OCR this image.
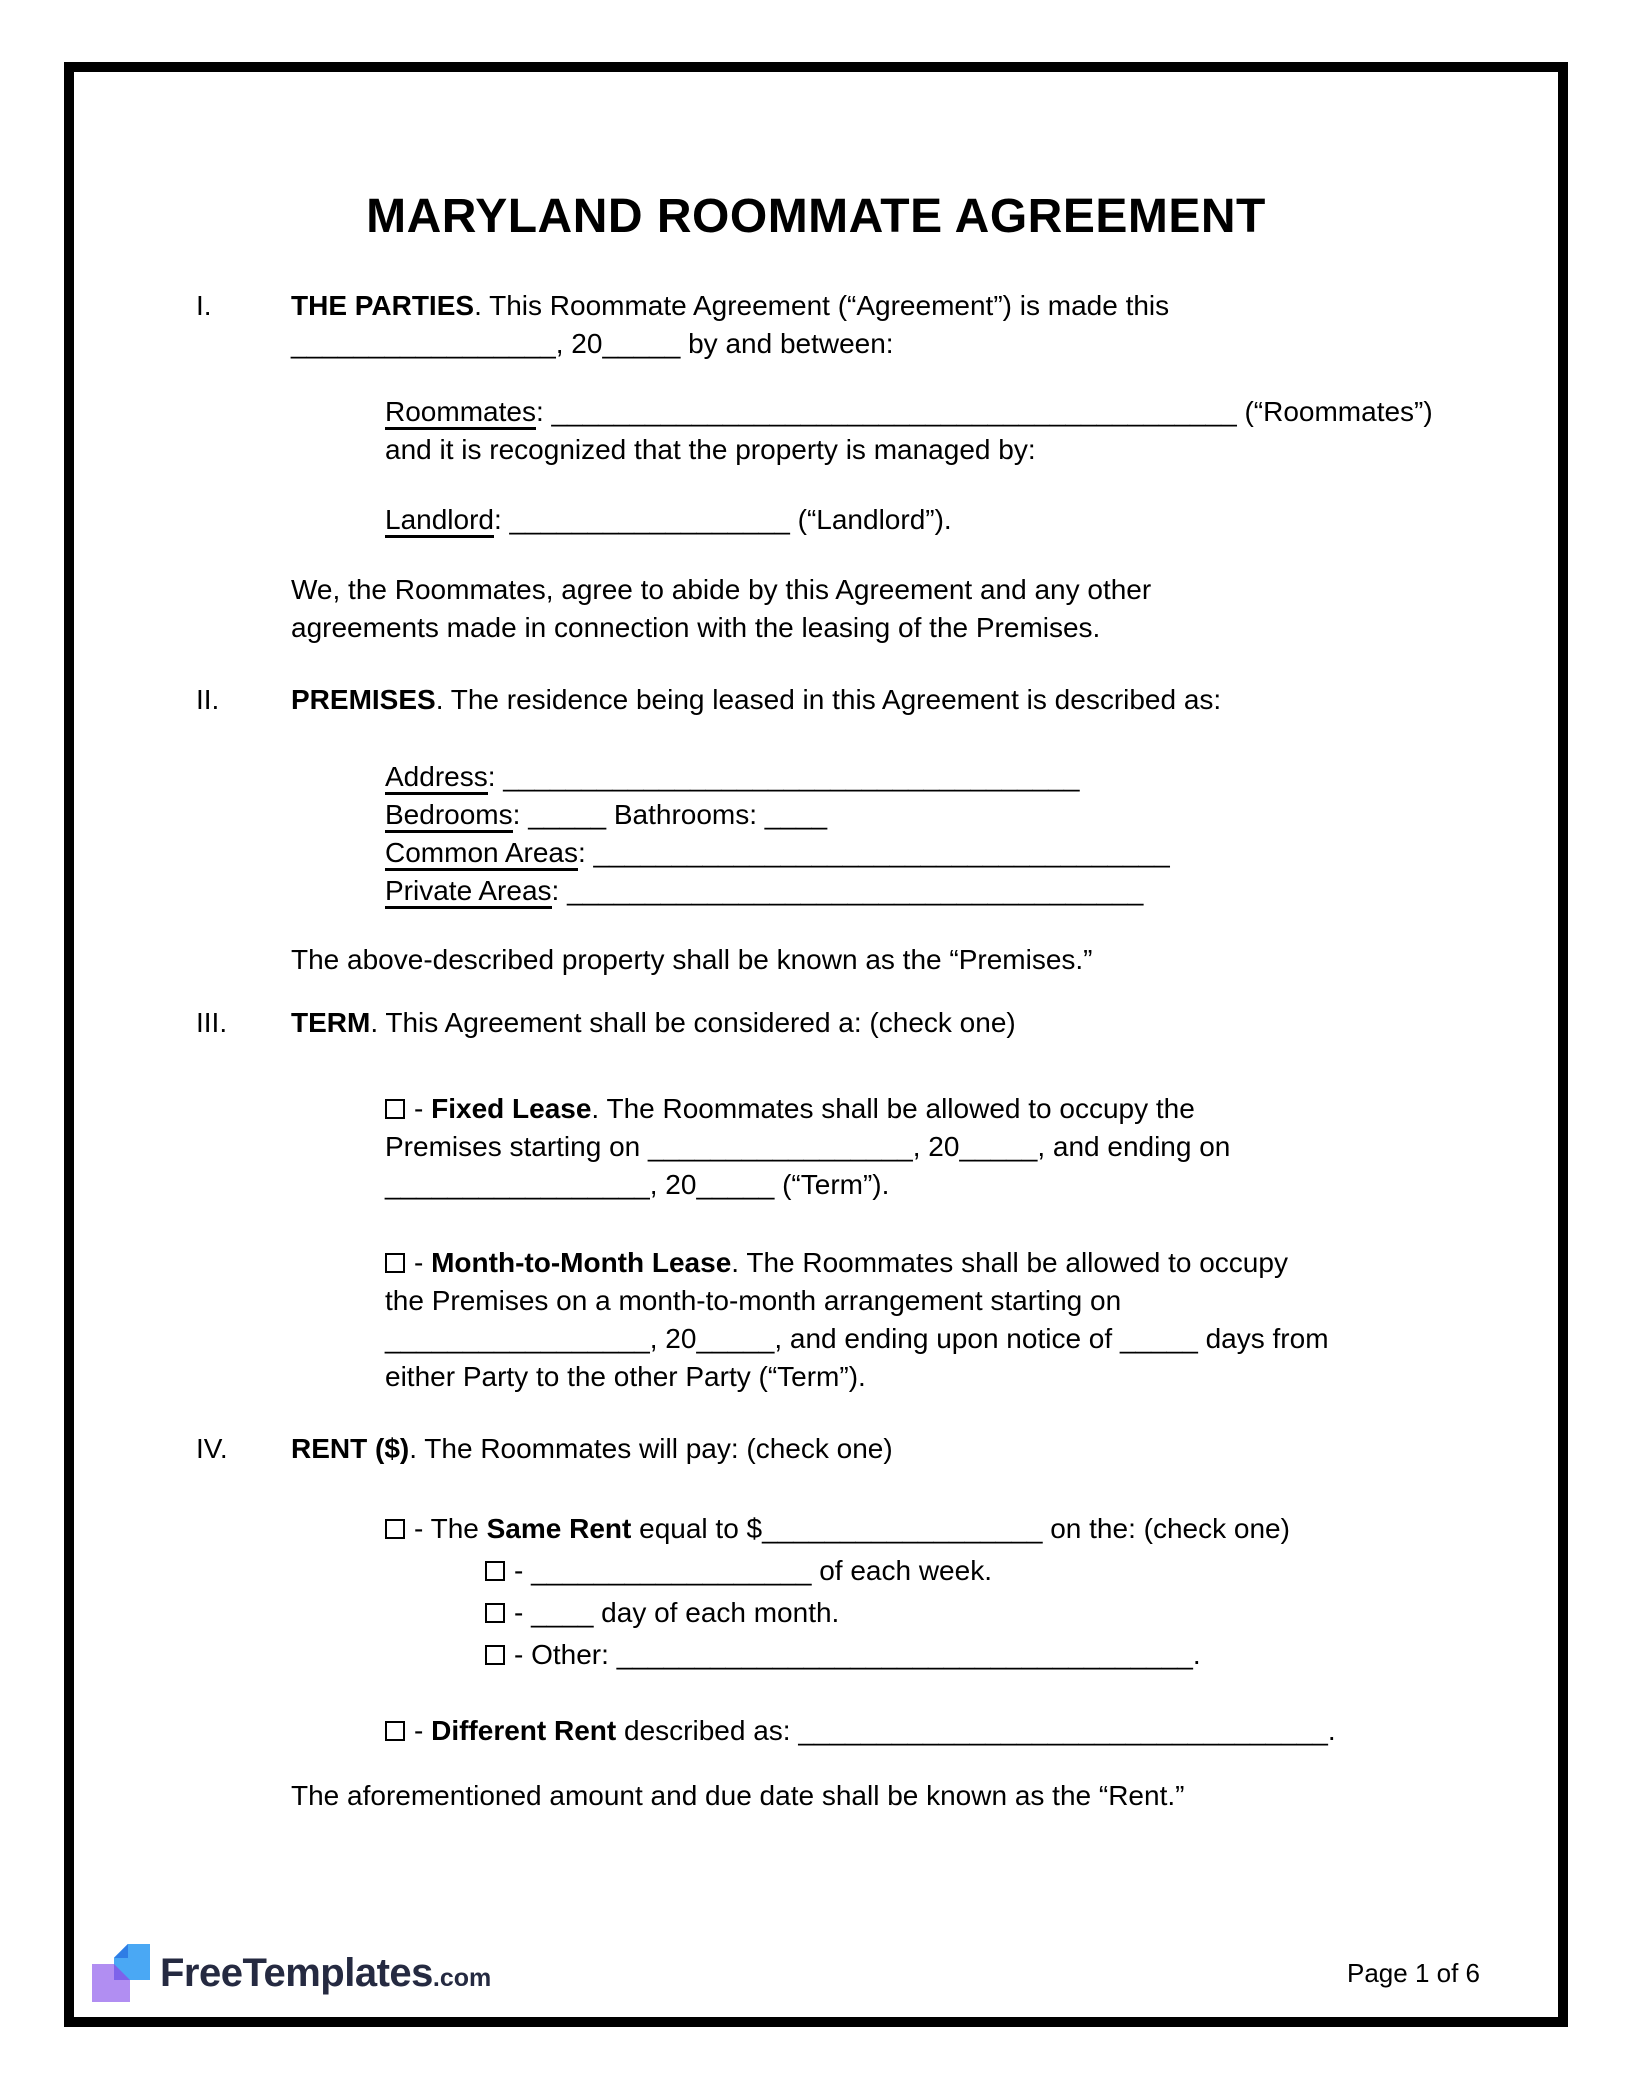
MARYLAND ROOMMATE AGREEMENT
I.	THE PARTIES. This Roommate Agreement (“Agreement”) is made this
_________________, 20_____ by and between:
Roommates: ____________________________________________ (“Roommates”)
and it is recognized that the property is managed by:
Landlord: __________________ (“Landlord”).
We, the Roommates, agree to abide by this Agreement and any other
agreements made in connection with the leasing of the Premises.
II.	PREMISES. The residence being leased in this Agreement is described as:
Address: _____________________________________
Bedrooms: _____ Bathrooms: ____
Common Areas: _____________________________________
Private Areas: _____________________________________
The above-described property shall be known as the “Premises.”
III.	TERM. This Agreement shall be considered a: (check one)
- Fixed Lease. The Roommates shall be allowed to occupy the
Premises starting on _________________, 20_____, and ending on
_________________, 20_____ (“Term”).
- Month-to-Month Lease. The Roommates shall be allowed to occupy
the Premises on a month-to-month arrangement starting on
_________________, 20_____, and ending upon notice of _____ days from
either Party to the other Party (“Term”).
IV.	RENT ($). The Roommates will pay: (check one)
- The Same Rent equal to $__________________ on the: (check one)
- __________________ of each week.
- ____ day of each month.
- Other: _____________________________________.
- Different Rent described as: __________________________________.
The aforementioned amount and due date shall be known as the “Rent.”
FreeTemplates.com	Page 1 of 6
